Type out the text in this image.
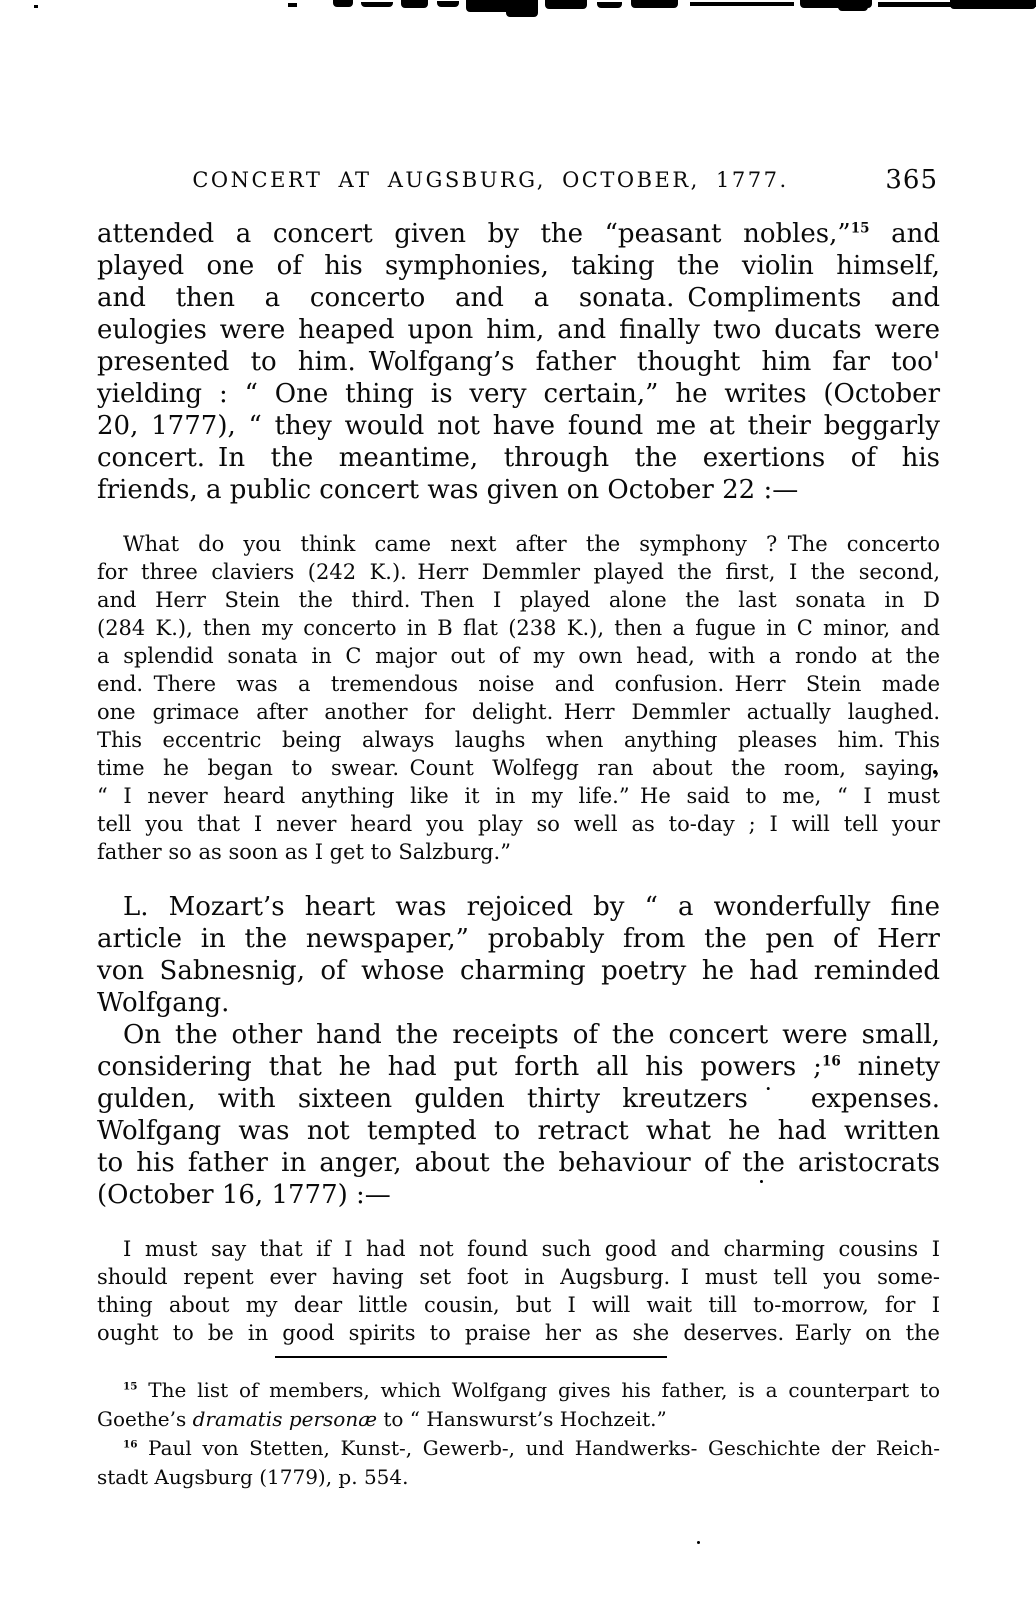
CONCERT AT AUGSBURG, OCTOBER, 1777.	365
attended a concert given by the “peasant nobles,”$^{15}$ and
played one of his symphonies, taking the violin himself,
and then a concerto and a sonata. Compliments and
eulogies were heaped upon him, and finally two ducats were
presented to him. Wolfgang’s father thought him far too'
yielding : “ One thing is very certain,” he writes (October
20, 1777), “ they would not have found me at their beggarly
concert. In the meantime, through the exertions of his
friends, a public concert was given on October 22 :—
What do you think came next after the symphony ? The concerto
for three claviers (242 K.). Herr Demmler played the first, I the second,
and Herr Stein the third. Then I played alone the last sonata in D
(284 K.), then my concerto in B flat (238 K.), then a fugue in C minor, and
a splendid sonata in C major out of my own head, with a rondo at the
end. There was a tremendous noise and confusion. Herr Stein made
one grimace after another for delight. Herr Demmler actually laughed.
This eccentric being always laughs when anything pleases him. This
time he began to swear. Count Wolfegg ran about the room, saying,
“ I never heard anything like it in my life.” He said to me, “ I must
tell you that I never heard you play so well as to-day ; I will tell your
father so as soon as I get to Salzburg.”
L. Mozart’s heart was rejoiced by “ a wonderfully fine
article in the newspaper,” probably from the pen of Herr
von Sabnesnig, of whose charming poetry he had reminded
Wolfgang.
On the other hand the receipts of the concert were small,
considering that he had put forth all his powers ;$^{16}$ ninety
gulden, with sixteen gulden thirty kreutzers˙ expenses.
Wolfgang was not tempted to retract what he had written
to his father in anger, about the behaviour of the aristocrats
(October 16, 1777) :—
I must say that if I had not found such good and charming cousins I
should repent ever having set foot in Augsburg. I must tell you some-
thing about my dear little cousin, but I will wait till to-morrow, for I
ought to be in good spirits to praise her as she deserves. Early on the
$^{15}$ The list of members, which Wolfgang gives his father, is a counterpart to
Goethe’s dramatis personæ to “ Hanswurst’s Hochzeit.”
$^{16}$ Paul von Stetten, Kunst-, Gewerb-, und Handwerks- Geschichte der Reich-
stadt Augsburg (1779), p. 554.
